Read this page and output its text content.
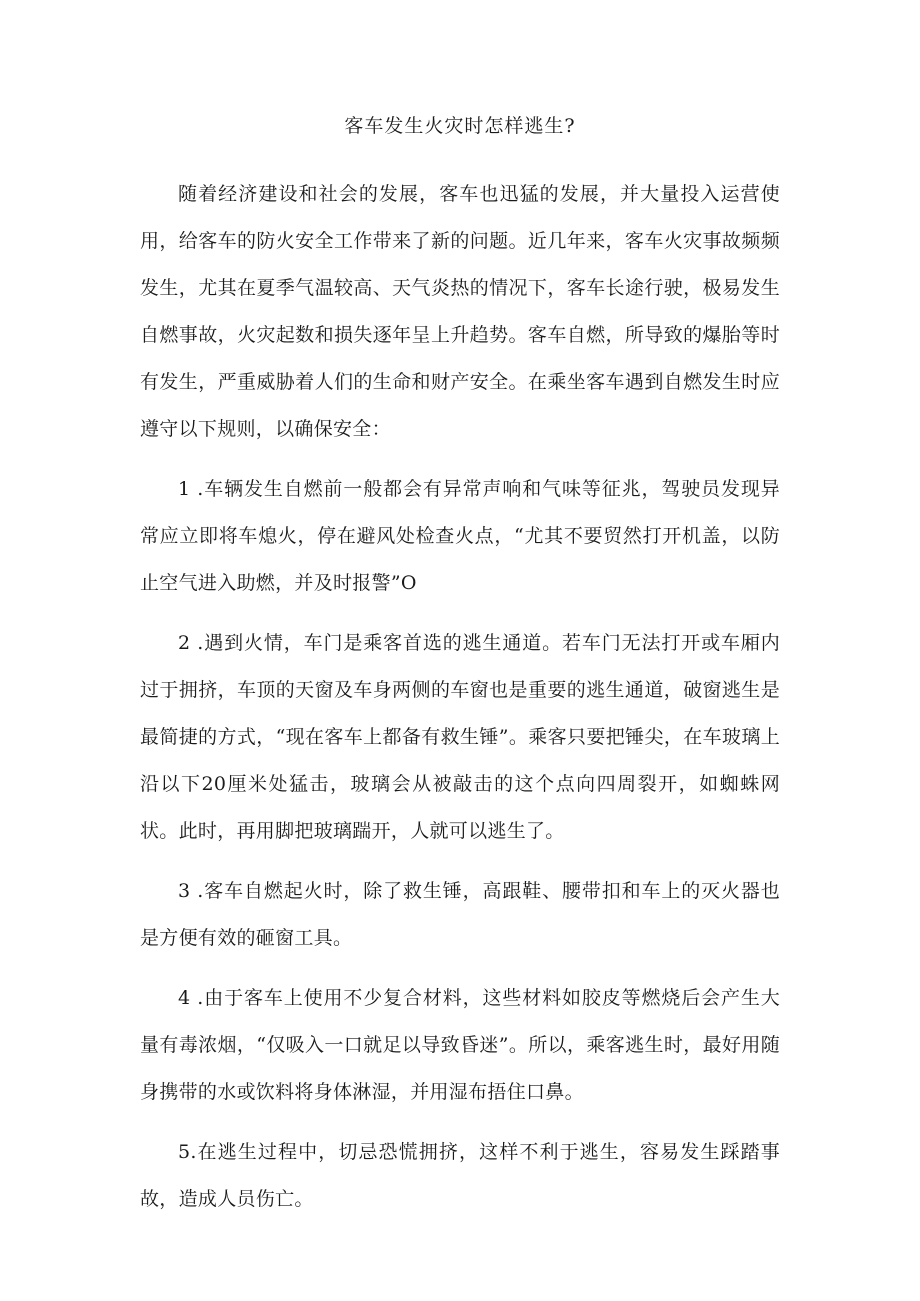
客车发生火灾时怎样逃生?

随着经济建设和社会的发展，客车也迅猛的发展，并大量投入运营使用，给客车的防火安全工作带来了新的问题。近几年来，客车火灾事故频频发生，尤其在夏季气温较高、天气炎热的情况下，客车长途行驶，极易发生自燃事故，火灾起数和损失逐年呈上升趋势。客车自燃，所导致的爆胎等时有发生，严重威胁着人们的生命和财产安全。在乘坐客车遇到自燃发生时应遵守以下规则，以确保安全：

1 .车辆发生自燃前一般都会有异常声响和气味等征兆，驾驶员发现异常应立即将车熄火，停在避风处检查火点，“尤其不要贸然打开机盖，以防止空气进入助燃，并及时报警”O

2 .遇到火情，车门是乘客首选的逃生通道。若车门无法打开或车厢内过于拥挤，车顶的天窗及车身两侧的车窗也是重要的逃生通道，破窗逃生是最简捷的方式，“现在客车上都备有救生锤”。乘客只要把锤尖，在车玻璃上沿以下20厘米处猛击，玻璃会从被敲击的这个点向四周裂开，如蜘蛛网状。此时，再用脚把玻璃踹开，人就可以逃生了。

3 .客车自燃起火时，除了救生锤，高跟鞋、腰带扣和车上的灭火器也是方便有效的砸窗工具。

4 .由于客车上使用不少复合材料，这些材料如胶皮等燃烧后会产生大量有毒浓烟，“仅吸入一口就足以导致昏迷”。所以，乘客逃生时，最好用随身携带的水或饮料将身体淋湿，并用湿布捂住口鼻。

5.在逃生过程中，切忌恐慌拥挤，这样不利于逃生，容易发生踩踏事故，造成人员伤亡。
